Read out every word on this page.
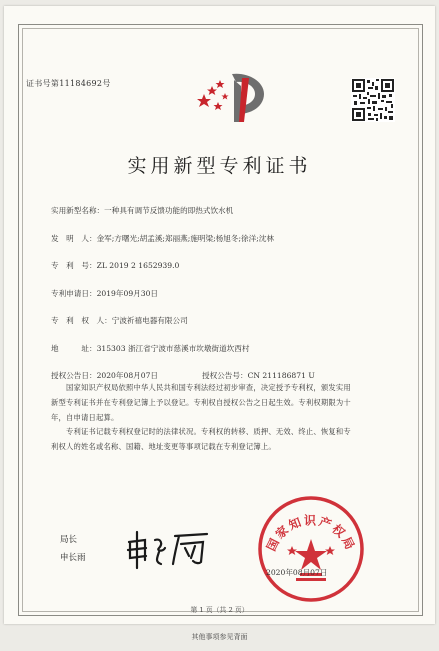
证书号第11184692号
实用新型专利证书
实用新型名称：一种具有调节反馈功能的即热式饮水机
发　明　人：金军;方曙光;胡孟溪;郑丽燕;施明梁;杨旭冬;徐洋;沈林
专　利　号：ZL 2019 2 1652939.0
专利申请日：2019年09月30日
专　利　权　人：宁波祈禧电器有限公司
地　　　址：315303 浙江省宁波市慈溪市坎墩街道坎西村
授权公告日：2020年08月07日	授权公告号：CN 211186871 U
　　国家知识产权局依照中华人民共和国专利法经过初步审查，决定授予专利权，颁发实用
新型专利证书并在专利登记簿上予以登记。专利权自授权公告之日起生效。专利权期限为十
年，自申请日起算。
　　专利证书记载专利权登记时的法律状况。专利权的转移、质押、无效、终止、恢复和专
利权人的姓名或名称、国籍、地址变更等事项记载在专利登记簿上。
局长
申长雨
国家知识产权局
2020年08月07日
第 1 页（共 2 页）
其他事项参见背面
